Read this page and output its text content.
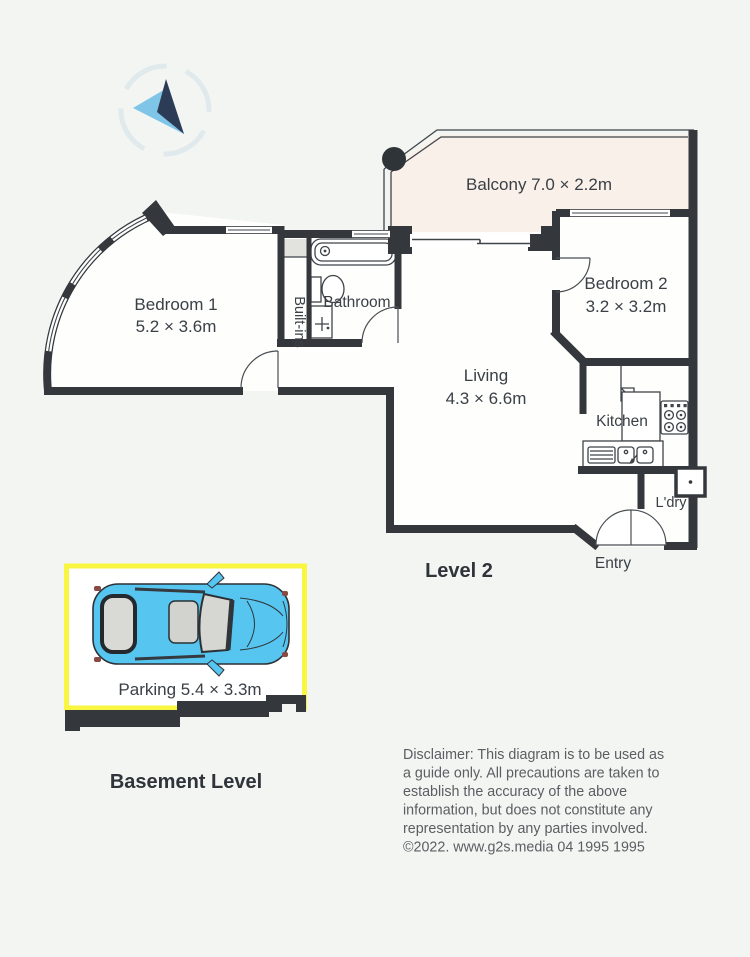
Balcony 7.0 × 2.2m
Bedroom 1
5.2 × 3.6m	Built-ins Bathroom
Bedroom 2
3.2 × 3.2m
Living
4.3 × 6.6m
Kitchen
L'dry
Entry
Level 2
Parking 5.4 × 3.3m
Basement Level
Disclaimer: This diagram is to be used as
a guide only. All precautions are taken to
establish the accuracy of the above
information, but does not constitute any
representation by any parties involved.
©2022. www.g2s.media 04 1995 1995
